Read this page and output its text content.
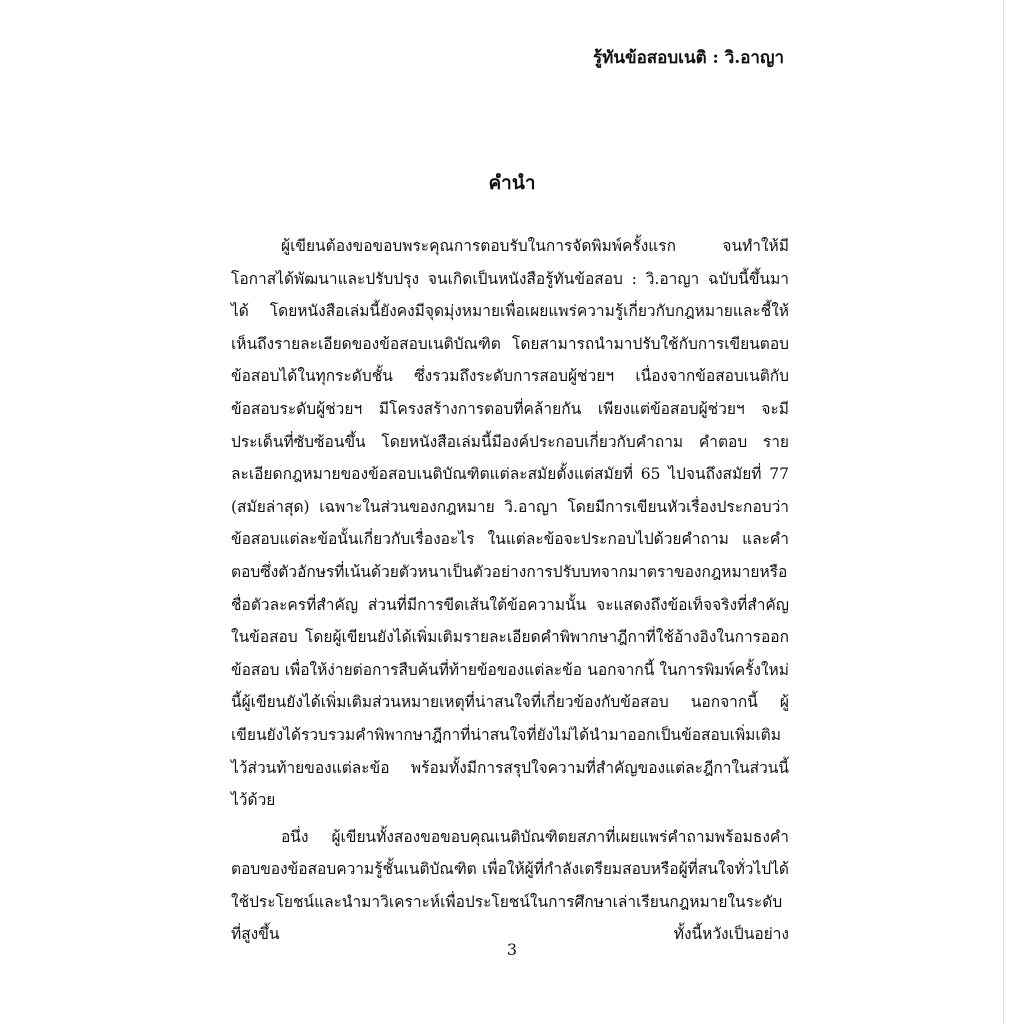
รู้ทันข้อสอบเนติ : วิ.อาญา
คำนำ

ผู้เขียนต้องขอขอบพระคุณการตอบรับในการจัดพิมพ์ครั้งแรก จนทำให้มีโอกาสได้พัฒนาและปรับปรุง จนเกิดเป็นหนังสือรู้ทันข้อสอบ : วิ.อาญา ฉบับนี้ขึ้นมาได้ โดยหนังสือเล่มนี้ยังคงมีจุดมุ่งหมายเพื่อเผยแพร่ความรู้เกี่ยวกับกฎหมายและชี้ให้เห็นถึงรายละเอียดของข้อสอบเนติบัณฑิต โดยสามารถนำมาปรับใช้กับการเขียนตอบข้อสอบได้ในทุกระดับชั้น ซึ่งรวมถึงระดับการสอบผู้ช่วยฯ เนื่องจากข้อสอบเนติกับข้อสอบระดับผู้ช่วยฯ มีโครงสร้างการตอบที่คล้ายกัน เพียงแต่ข้อสอบผู้ช่วยฯ จะมีประเด็นที่ซับซ้อนขึ้น โดยหนังสือเล่มนี้มีองค์ประกอบเกี่ยวกับคำถาม คำตอบ รายละเอียดกฎหมายของข้อสอบเนติบัณฑิตแต่ละสมัยตั้งแต่สมัยที่ 65 ไปจนถึงสมัยที่ 77 (สมัยล่าสุด) เฉพาะในส่วนของกฎหมาย วิ.อาญา โดยมีการเขียนหัวเรื่องประกอบว่าข้อสอบแต่ละข้อนั้นเกี่ยวกับเรื่องอะไร ในแต่ละข้อจะประกอบไปด้วยคำถาม และคำตอบซึ่งตัวอักษรที่เน้นด้วยตัวหนาเป็นตัวอย่างการปรับบทจากมาตราของกฎหมายหรือชื่อตัวละครที่สำคัญ ส่วนที่มีการขีดเส้นใต้ข้อความนั้น จะแสดงถึงข้อเท็จจริงที่สำคัญในข้อสอบ โดยผู้เขียนยังได้เพิ่มเติมรายละเอียดคำพิพากษาฎีกาที่ใช้อ้างอิงในการออกข้อสอบ เพื่อให้ง่ายต่อการสืบค้นที่ท้ายข้อของแต่ละข้อ นอกจากนี้ ในการพิมพ์ครั้งใหม่นี้ผู้เขียนยังได้เพิ่มเติมส่วนหมายเหตุที่น่าสนใจที่เกี่ยวข้องกับข้อสอบ นอกจากนี้ ผู้เขียนยังได้รวบรวมคำพิพากษาฎีกาที่น่าสนใจที่ยังไม่ได้นำมาออกเป็นข้อสอบเพิ่มเติมไว้ส่วนท้ายของแต่ละข้อ พร้อมทั้งมีการสรุปใจความที่สำคัญของแต่ละฎีกาในส่วนนี้ไว้ด้วย

อนึ่ง ผู้เขียนทั้งสองขอขอบคุณเนติบัณฑิตยสภาที่เผยแพร่คำถามพร้อมธงคำตอบของข้อสอบความรู้ชั้นเนติบัณฑิต เพื่อให้ผู้ที่กำลังเตรียมสอบหรือผู้ที่สนใจทั่วไปได้ใช้ประโยชน์และนำมาวิเคราะห์เพื่อประโยชน์ในการศึกษาเล่าเรียนกฎหมายในระดับที่สูงขึ้น ทั้งนี้หวังเป็นอย่าง

3
